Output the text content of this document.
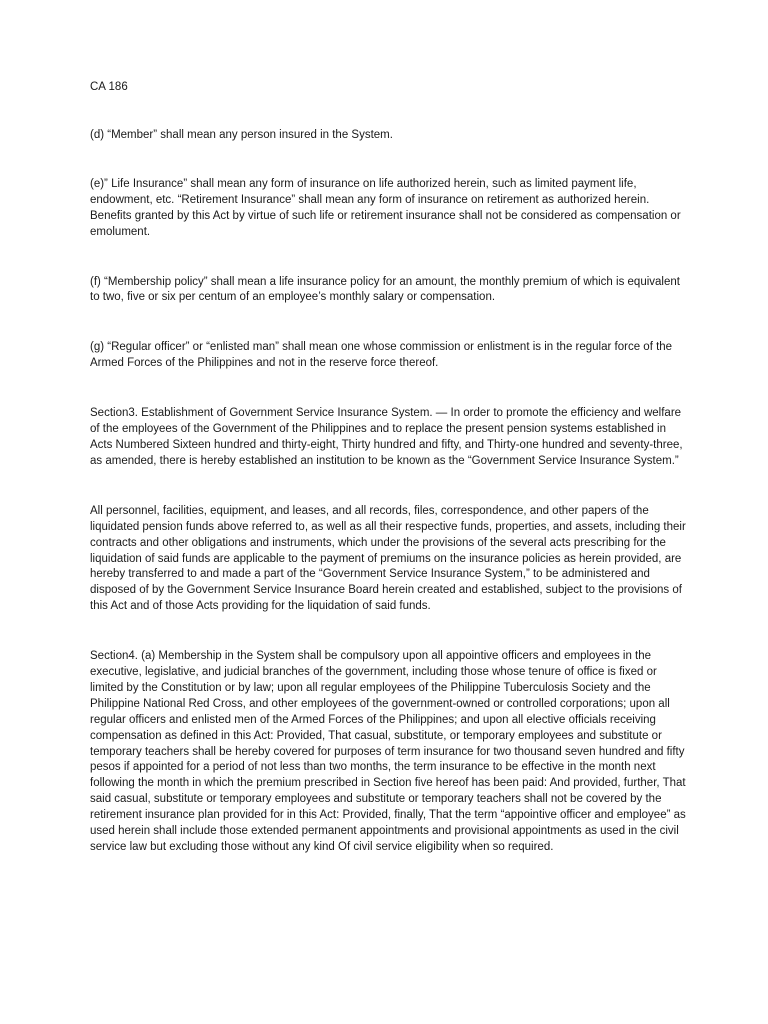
CA 186

(d) “Member” shall mean any person insured in the System.

(e)” Life Insurance” shall mean any form of insurance on life authorized herein, such as limited payment life, endowment, etc. “Retirement Insurance” shall mean any form of insurance on retirement as authorized herein. Benefits granted by this Act by virtue of such life or retirement insurance shall not be considered as compensation or emolument.

(f) “Membership policy” shall mean a life insurance policy for an amount, the monthly premium of which is equivalent to two, five or six per centum of an employee’s monthly salary or compensation.

(g) “Regular officer” or “enlisted man” shall mean one whose commission or enlistment is in the regular force of the Armed Forces of the Philippines and not in the reserve force thereof.

Section3. Establishment of Government Service Insurance System. — In order to promote the efficiency and welfare of the employees of the Government of the Philippines and to replace the present pension systems established in Acts Numbered Sixteen hundred and thirty-eight, Thirty hundred and fifty, and Thirty-one hundred and seventy-three, as amended, there is hereby established an institution to be known as the “Government Service Insurance System.”

All personnel, facilities, equipment, and leases, and all records, files, correspondence, and other papers of the liquidated pension funds above referred to, as well as all their respective funds, properties, and assets, including their contracts and other obligations and instruments, which under the provisions of the several acts prescribing for the liquidation of said funds are applicable to the payment of premiums on the insurance policies as herein provided, are hereby transferred to and made a part of the “Government Service Insurance System,” to be administered and disposed of by the Government Service Insurance Board herein created and established, subject to the provisions of this Act and of those Acts providing for the liquidation of said funds.

Section4. (a) Membership in the System shall be compulsory upon all appointive officers and employees in the executive, legislative, and judicial branches of the government, including those whose tenure of office is fixed or limited by the Constitution or by law; upon all regular employees of the Philippine Tuberculosis Society and the Philippine National Red Cross, and other employees of the government-owned or controlled corporations; upon all regular officers and enlisted men of the Armed Forces of the Philippines; and upon all elective officials receiving compensation as defined in this Act: Provided, That casual, substitute, or temporary employees and substitute or temporary teachers shall be hereby covered for purposes of term insurance for two thousand seven hundred and fifty pesos if appointed for a period of not less than two months, the term insurance to be effective in the month next following the month in which the premium prescribed in Section five hereof has been paid: And provided, further, That said casual, substitute or temporary employees and substitute or temporary teachers shall not be covered by the retirement insurance plan provided for in this Act: Provided, finally, That the term “appointive officer and employee” as used herein shall include those extended permanent appointments and provisional appointments as used in the civil service law but excluding those without any kind Of civil service eligibility when so required.
